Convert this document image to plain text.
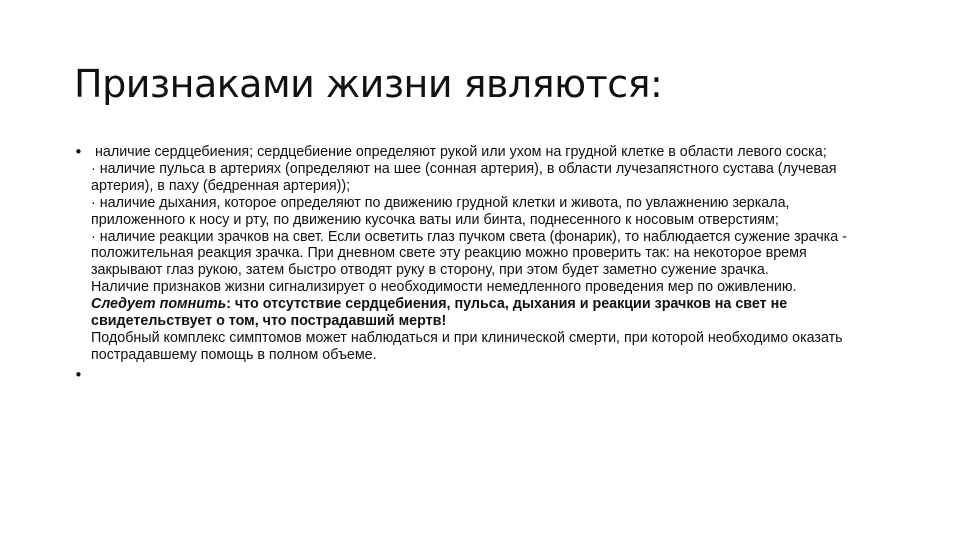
Признаками жизни являются:
• наличие сердцебиения; сердцебиение определяют рукой или ухом на грудной клетке в области левого соска;

· наличие пульса в артериях (определяют на шее (сонная артерия), в области лучезапястного сустава (лучевая артерия), в паху (бедренная артерия));

· наличие дыхания, которое определяют по движению грудной клетки и живота, по увлажнению зеркала, приложенного к носу и рту, по движению кусочка ваты или бинта, поднесенного к носовым отверстиям;

· наличие реакции зрачков на свет. Если осветить глаз пучком света (фонарик), то наблюдается сужение зрачка - положительная реакция зрачка. При дневном свете эту реакцию можно проверить так: на некоторое время закрывают глаз рукою, затем быстро отводят руку в сторону, при этом будет заметно сужение зрачка.

Наличие признаков жизни сигнализирует о необходимости немедленного проведения мер по оживлению.

Следует помнить: что отсутствие сердцебиения, пульса, дыхания и реакции зрачков на свет не свидетельствует о том, что пострадавший мертв!

Подобный комплекс симптомов может наблюдаться и при клинической смерти, при которой необходимо оказать пострадавшему помощь в полном объеме.

•
